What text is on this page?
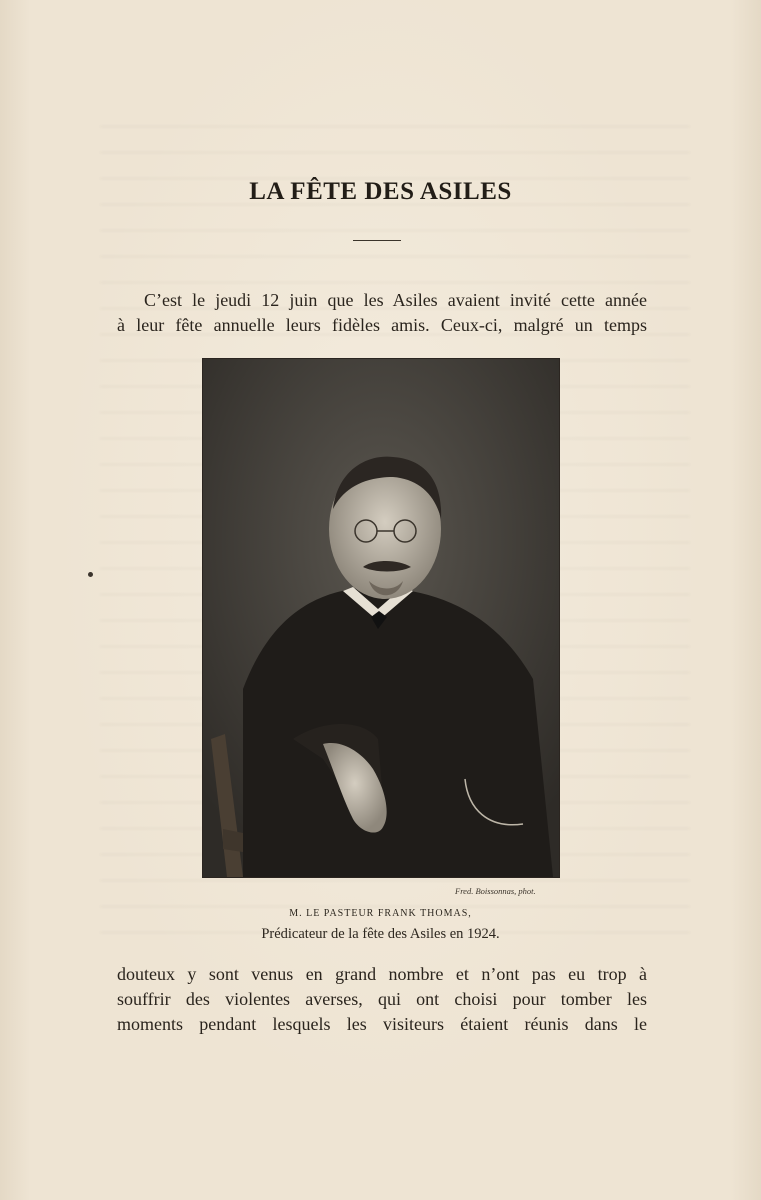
LA FÊTE DES ASILES
C’est le jeudi 12 juin que les Asiles avaient invité cette année
à leur fête annuelle leurs fidèles amis. Ceux-ci, malgré un temps
Fred. Boissonnas, phot.
M. LE PASTEUR FRANK THOMAS,
Prédicateur de la fête des Asiles en 1924.
douteux y sont venus en grand nombre et n’ont pas eu trop à
souffrir des violentes averses, qui ont choisi pour tomber les
moments pendant lesquels les visiteurs étaient réunis dans le
